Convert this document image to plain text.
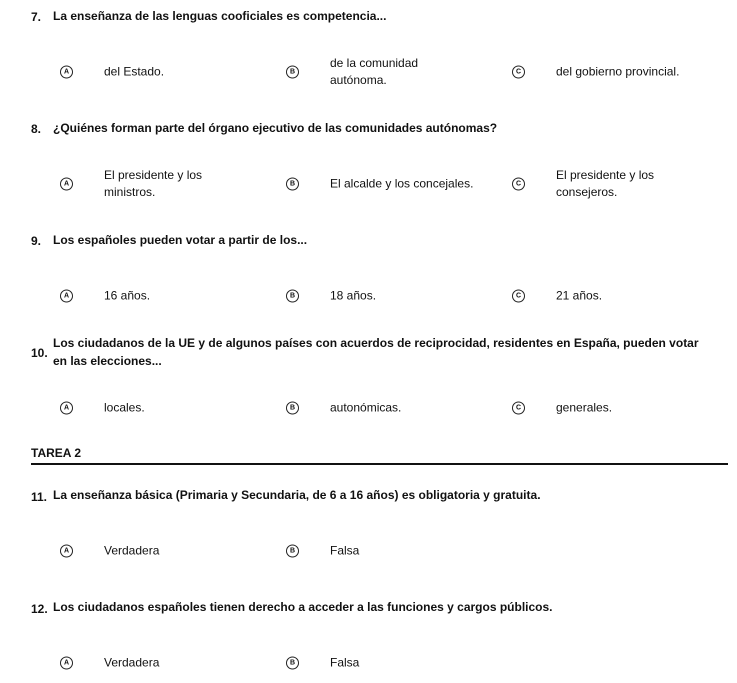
7. La enseñanza de las lenguas cooficiales es competencia...
A	del Estado.	B
de la comunidad autónoma.
C	del gobierno provincial.
8. ¿Quiénes forman parte del órgano ejecutivo de las comunidades autónomas?
A
El presidente y los ministros.
B	El alcalde y los concejales.	C
El presidente y los consejeros.
9. Los españoles pueden votar a partir de los...
A	16 años.	B	18 años.	C	21 años.
10.
Los ciudadanos de la UE y de algunos países con acuerdos de reciprocidad, residentes en España, pueden votar en las elecciones...
A	locales.	B	autonómicas.	C	generales.
TAREA 2
11. La enseñanza básica (Primaria y Secundaria, de 6 a 16 años) es obligatoria y gratuita.
A	Verdadera	B	Falsa
12. Los ciudadanos españoles tienen derecho a acceder a las funciones y cargos públicos.
A	Verdadera	B	Falsa
